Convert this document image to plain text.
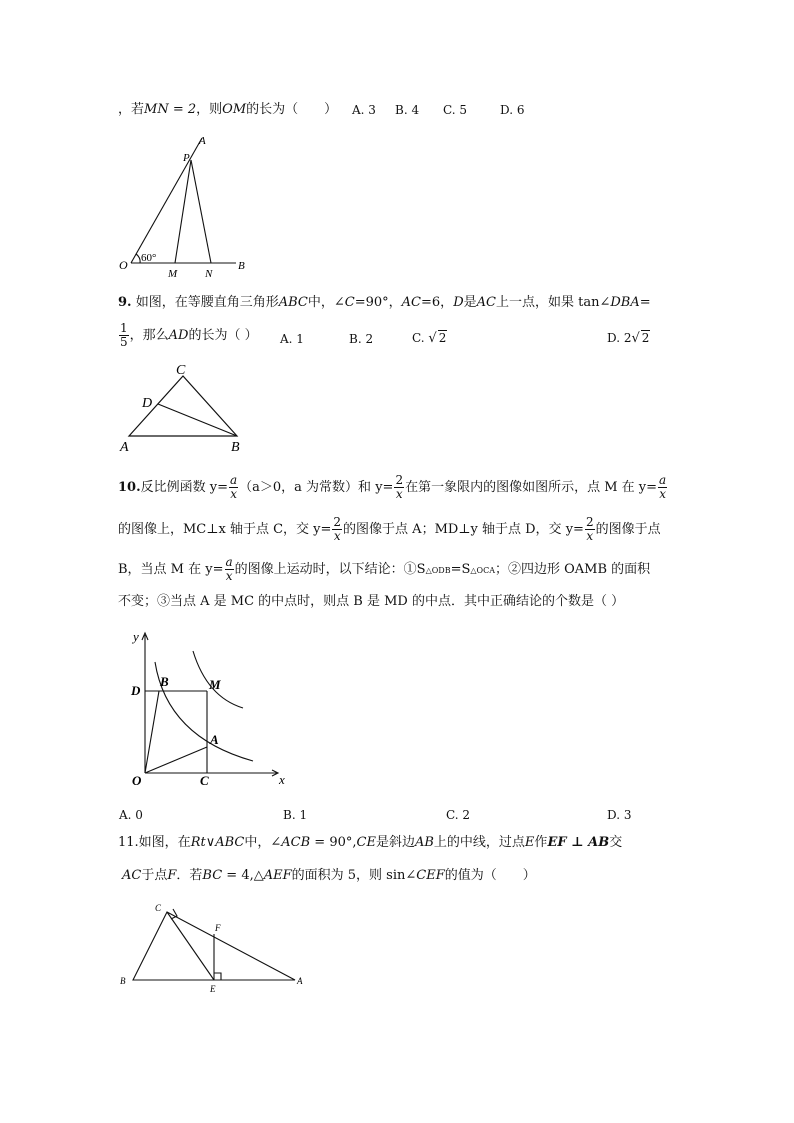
，若MN = 2，则OM的长为（　　） A. 3 B. 4 C. 5	D. 6
A
P
O 60°
M	N
B
9. 如图，在等腰直角三角形ABC中，∠C=90°，AC=6，D是AC上一点，如果 tan∠DBA=
$\frac{1}{5}$ ，那么AD的长为（ ） A. 1	B. 2	C. √ 2	D. 2√ 2
C
D
A	B
10.反比例函数 $y= \frac{a}{x} (a>0$，a 为常数）和 $y= \frac{2}{x}$ 在第一象限内的图像如图所示，点 M 在 $y= \frac{a}{x}$
的图像上，MC⊥x 轴于点 C，交 $y= \frac{2}{x}$ 的图像于点 A；MD⊥y 轴于点 D，交 $y= \frac{2}{x}$ 的图像于点
B，当点 M 在 $y= \frac{a}{x}$ 的图像上运动时，以下结论：①S△ODB=S△OCA；②四边形 OAMB 的面积
不变；③当点 A 是 MC 的中点时，则点 B 是 MD 的中点．其中正确结论的个数是（ ）
y
x
D
B	M
A
O	C
A. 0	B. 1	C. 2	D. 3
11.如图，在Rt∨ABC中，∠ACB = 90°,CE是斜边AB上的中线，过点E作EF ⊥ AB交
AC于点F．若BC = 4,△AEF的面积为 5，则 sin∠CEF的值为（　　）
C
F
B
E
A
